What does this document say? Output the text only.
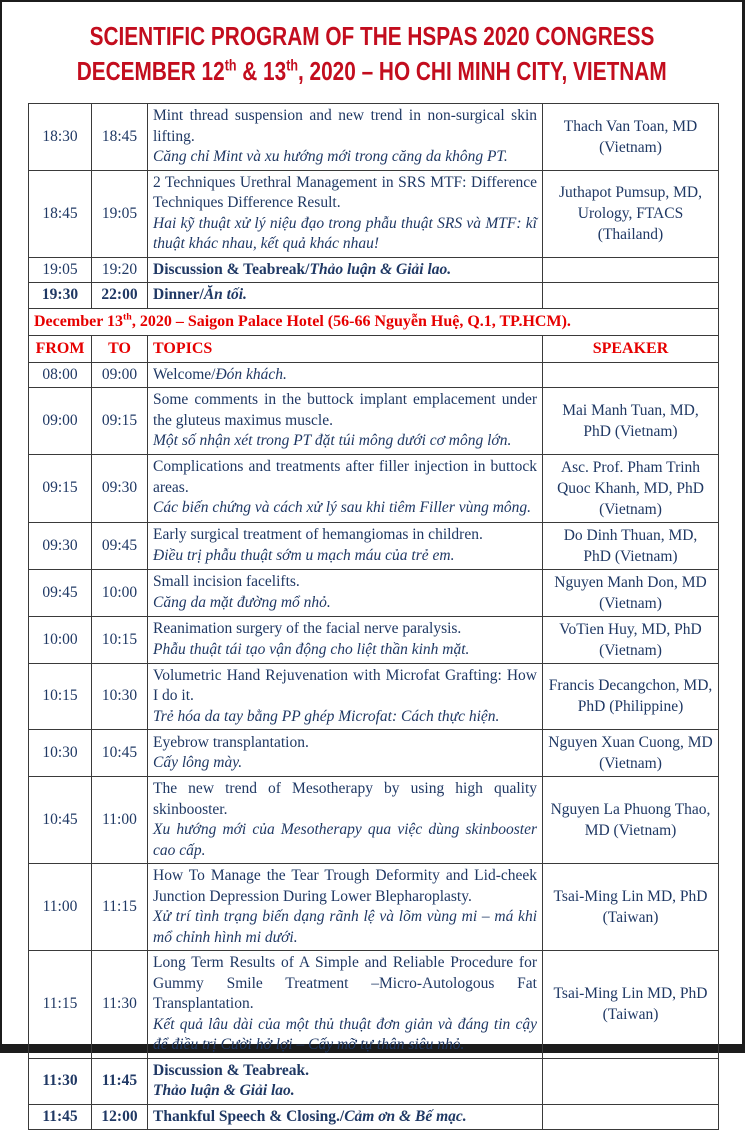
SCIENTIFIC PROGRAM OF THE HSPAS 2020 CONGRESS
DECEMBER 12th & 13th, 2020 – HO CHI MINH CITY, VIETNAM
18:30	18:45	Mint thread suspension and new trend in non-surgical skin lifting.
Căng chỉ Mint và xu hướng mới trong căng da không PT.	Thach Van Toan, MD (Vietnam)
18:45	19:05	2 Techniques Urethral Management in SRS MTF: Difference Techniques Difference Result.
Hai kỹ thuật xử lý niệu đạo trong phẫu thuật SRS và MTF: kĩ thuật khác nhau, kết quả khác nhau!	Juthapot Pumsup, MD, Urology, FTACS (Thailand)
19:05	19:20	Discussion & Teabreak/Thảo luận & Giải lao.	

19:30	22:00	Dinner/Ăn tối.	

December 13th, 2020 – Saigon Palace Hotel (56-66 Nguyễn Huệ, Q.1, TP.HCM).			
FROM	TO	TOPICS	SPEAKER
08:00	09:00	Welcome/Đón khách.	

09:00	09:15	Some comments in the buttock implant emplacement under the gluteus maximus muscle.
Một số nhận xét trong PT đặt túi mông dưới cơ mông lớn.	Mai Manh Tuan, MD, PhD (Vietnam)
09:15	09:30	Complications and treatments after filler injection in buttock areas.
Các biến chứng và cách xử lý sau khi tiêm Filler vùng mông.	Asc. Prof. Pham Trinh Quoc Khanh, MD, PhD (Vietnam)
09:30	09:45	Early surgical treatment of hemangiomas in children.
Điều trị phẫu thuật sớm u mạch máu của trẻ em.	Do Dinh Thuan, MD, PhD (Vietnam)
09:45	10:00	Small incision facelifts.
Căng da mặt đường mổ nhỏ.	Nguyen Manh Don, MD (Vietnam)
10:00	10:15	Reanimation surgery of the facial nerve paralysis.
Phẫu thuật tái tạo vận động cho liệt thần kinh mặt.	VoTien Huy, MD, PhD (Vietnam)
10:15	10:30	Volumetric Hand Rejuvenation with Microfat Grafting: How I do it.
Trẻ hóa da tay bằng PP ghép Microfat: Cách thực hiện.	Francis Decangchon, MD, PhD (Philippine)
10:30	10:45	Eyebrow transplantation.
Cấy lông mày.	Nguyen Xuan Cuong, MD (Vietnam)
10:45	11:00	The new trend of Mesotherapy by using high quality skinbooster.
Xu hướng mới của Mesotherapy qua việc dùng skinbooster cao cấp.	Nguyen La Phuong Thao, MD (Vietnam)
11:00	11:15	How To Manage the Tear Trough Deformity and Lid-cheek Junction Depression During Lower Blepharoplasty.
Xử trí tình trạng biến dạng rãnh lệ và lõm vùng mi – má khi mổ chỉnh hình mi dưới.	Tsai-Ming Lin MD, PhD (Taiwan)
11:15	11:30	Long Term Results of A Simple and Reliable Procedure for Gummy Smile Treatment –Micro-Autologous Fat Transplantation.
Kết quả lâu dài của một thủ thuật đơn giản và đáng tin cậy để điều trị Cười hở lợi – Cấy mỡ tự thân siêu nhỏ.	Tsai-Ming Lin MD, PhD (Taiwan)
11:30	11:45	Discussion & Teabreak.
Thảo luận & Giải lao.	

11:45	12:00	Thankful Speech & Closing./Cảm ơn & Bế mạc.	
